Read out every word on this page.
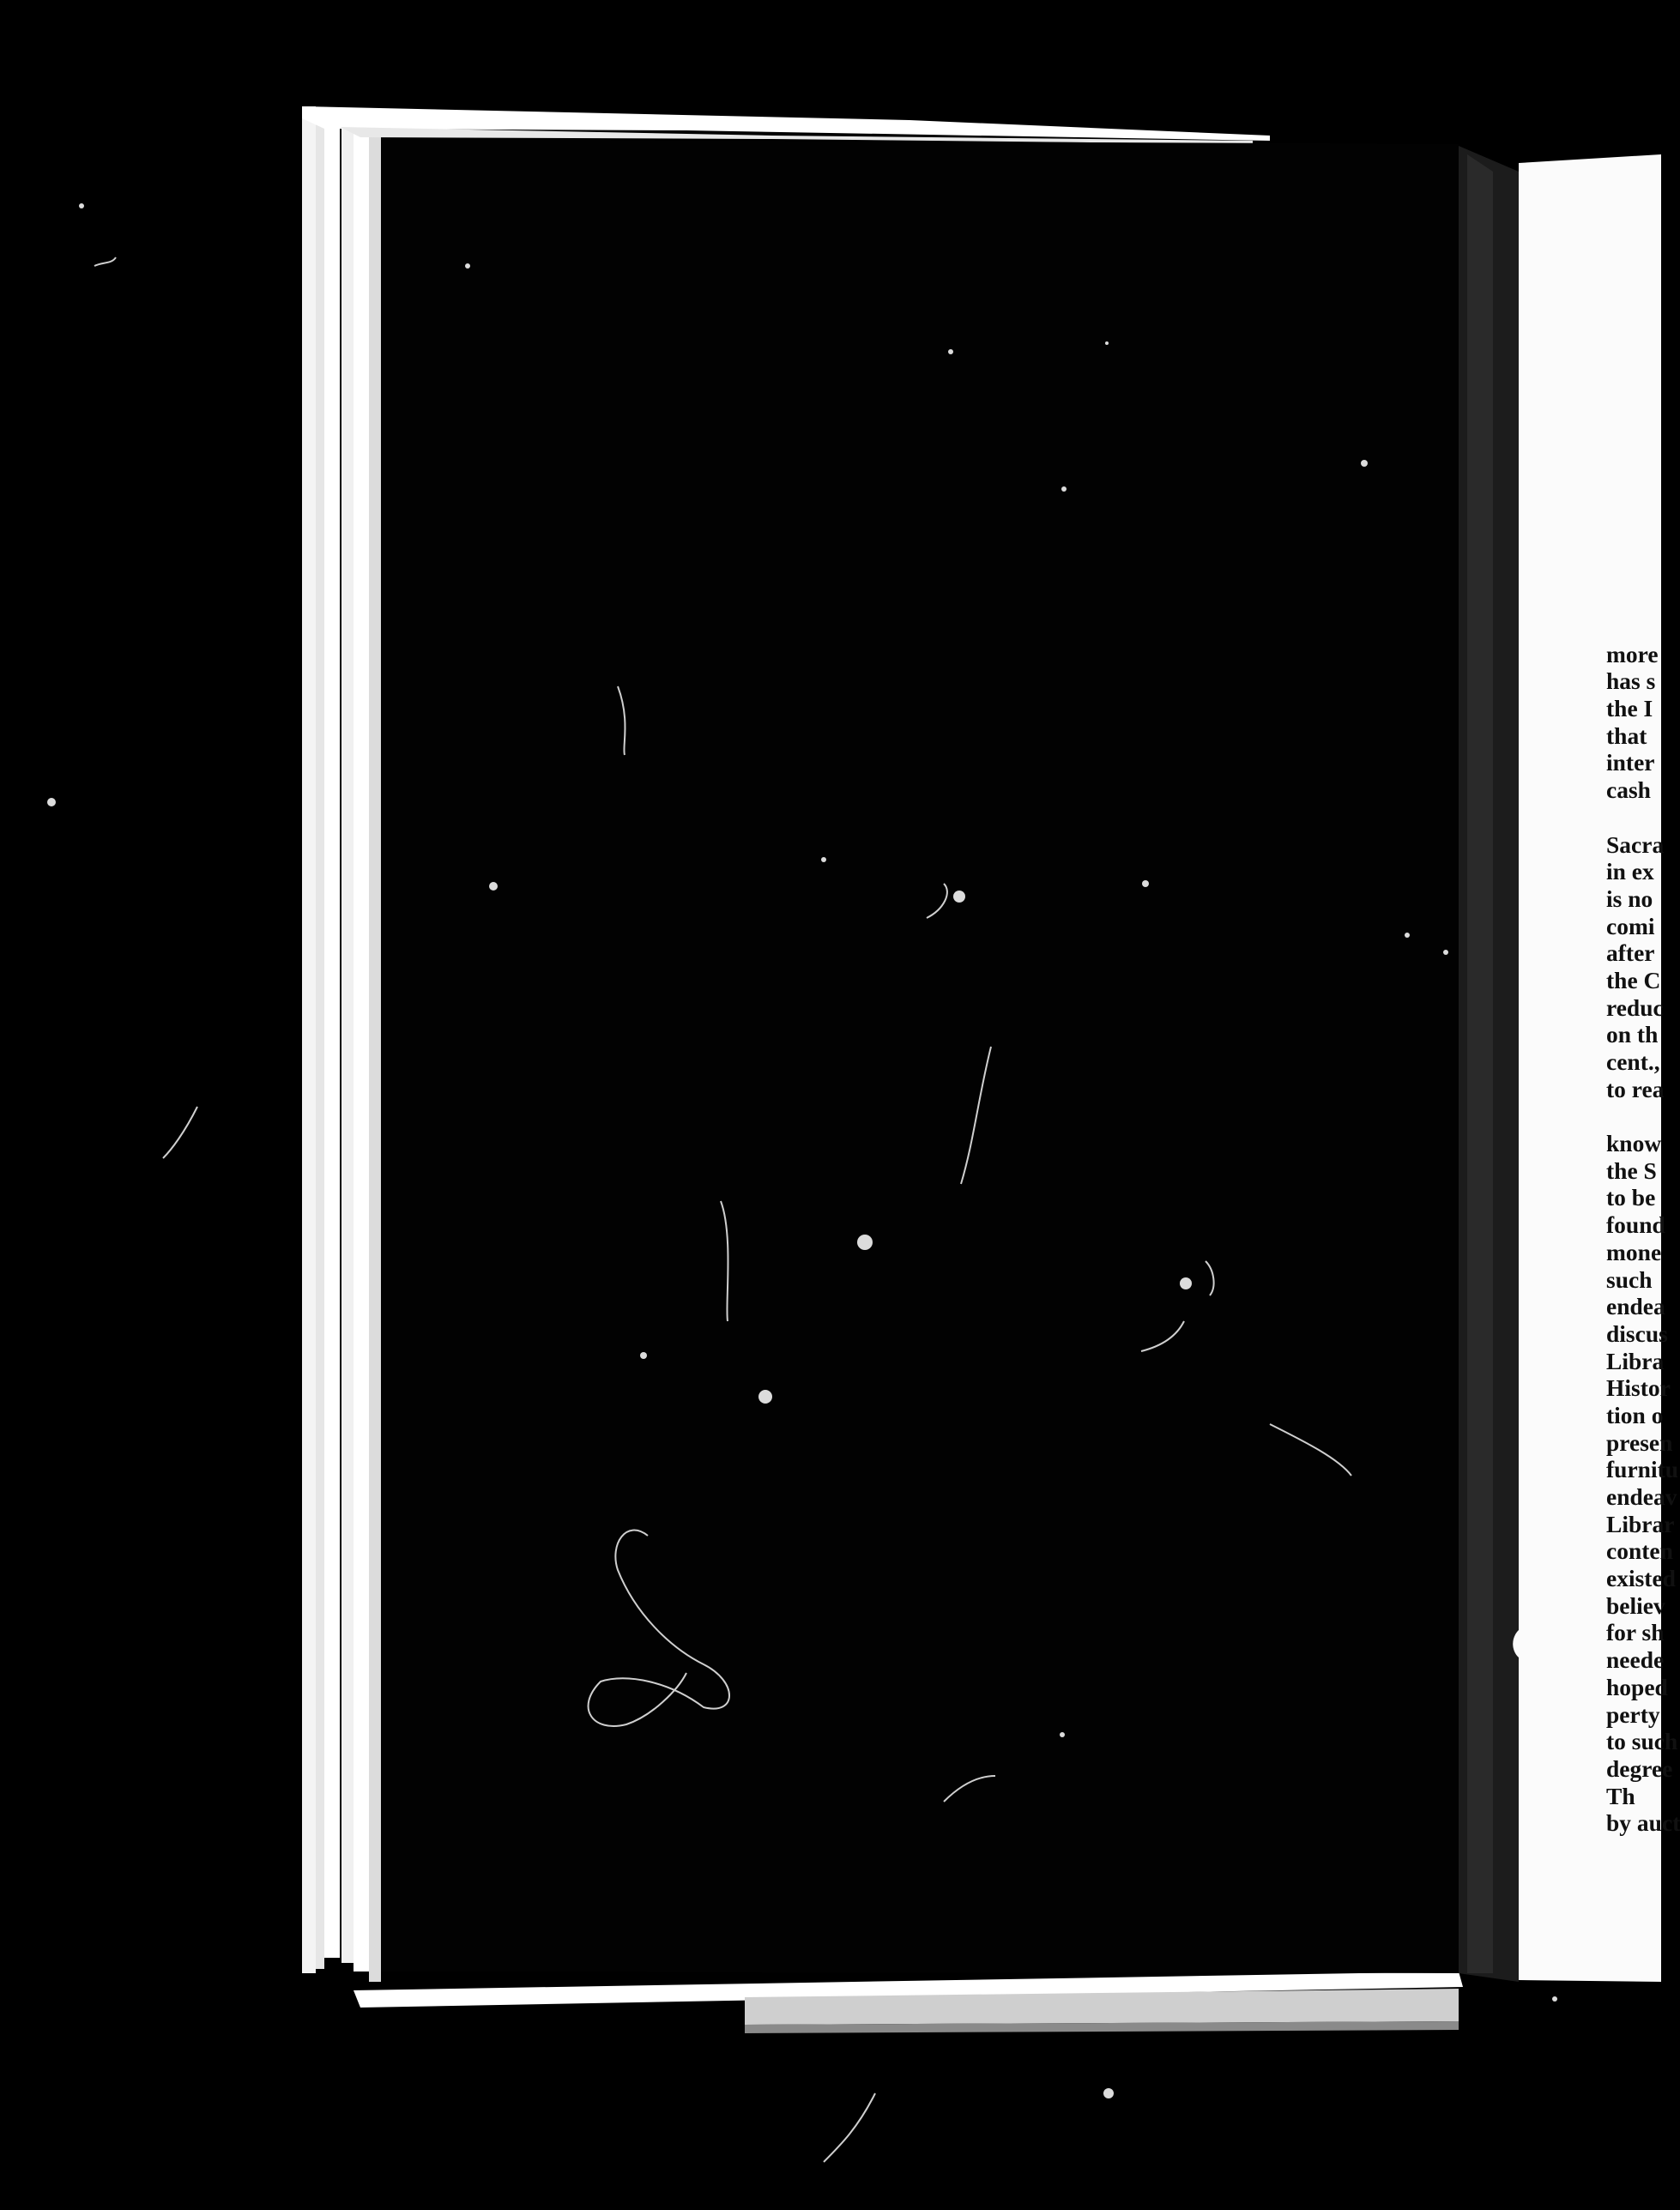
more
has s
the I
that
inter
cash
Sacra
in ex
is no
comi
after
the C
reduc
on th
cent.,
to rea
know
the S
to be
found
mone
such
endea
discus
Libra
Histor
tion o
presen
furnitu
endeav
Librar
conten
existed
believ
for sh
neede
hoped
perty
to such
degree
Th
by auct
